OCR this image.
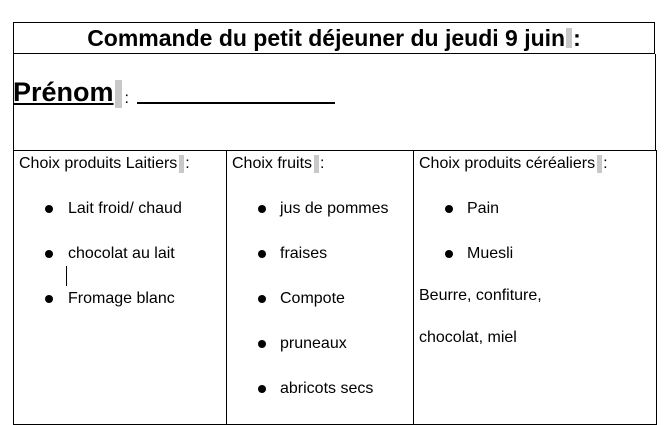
Commande du petit déjeuner du jeudi 9 juin :
Prénom :
Choix produits Laitiers :
Lait froid/ chaud
chocolat au lait
Fromage blanc

Choix fruits :
jus de pommes
fraises
Compote
pruneaux
abricots secs

Choix produits céréaliers :
Pain
Muesli
Beurre, confiture,
chocolat, miel
